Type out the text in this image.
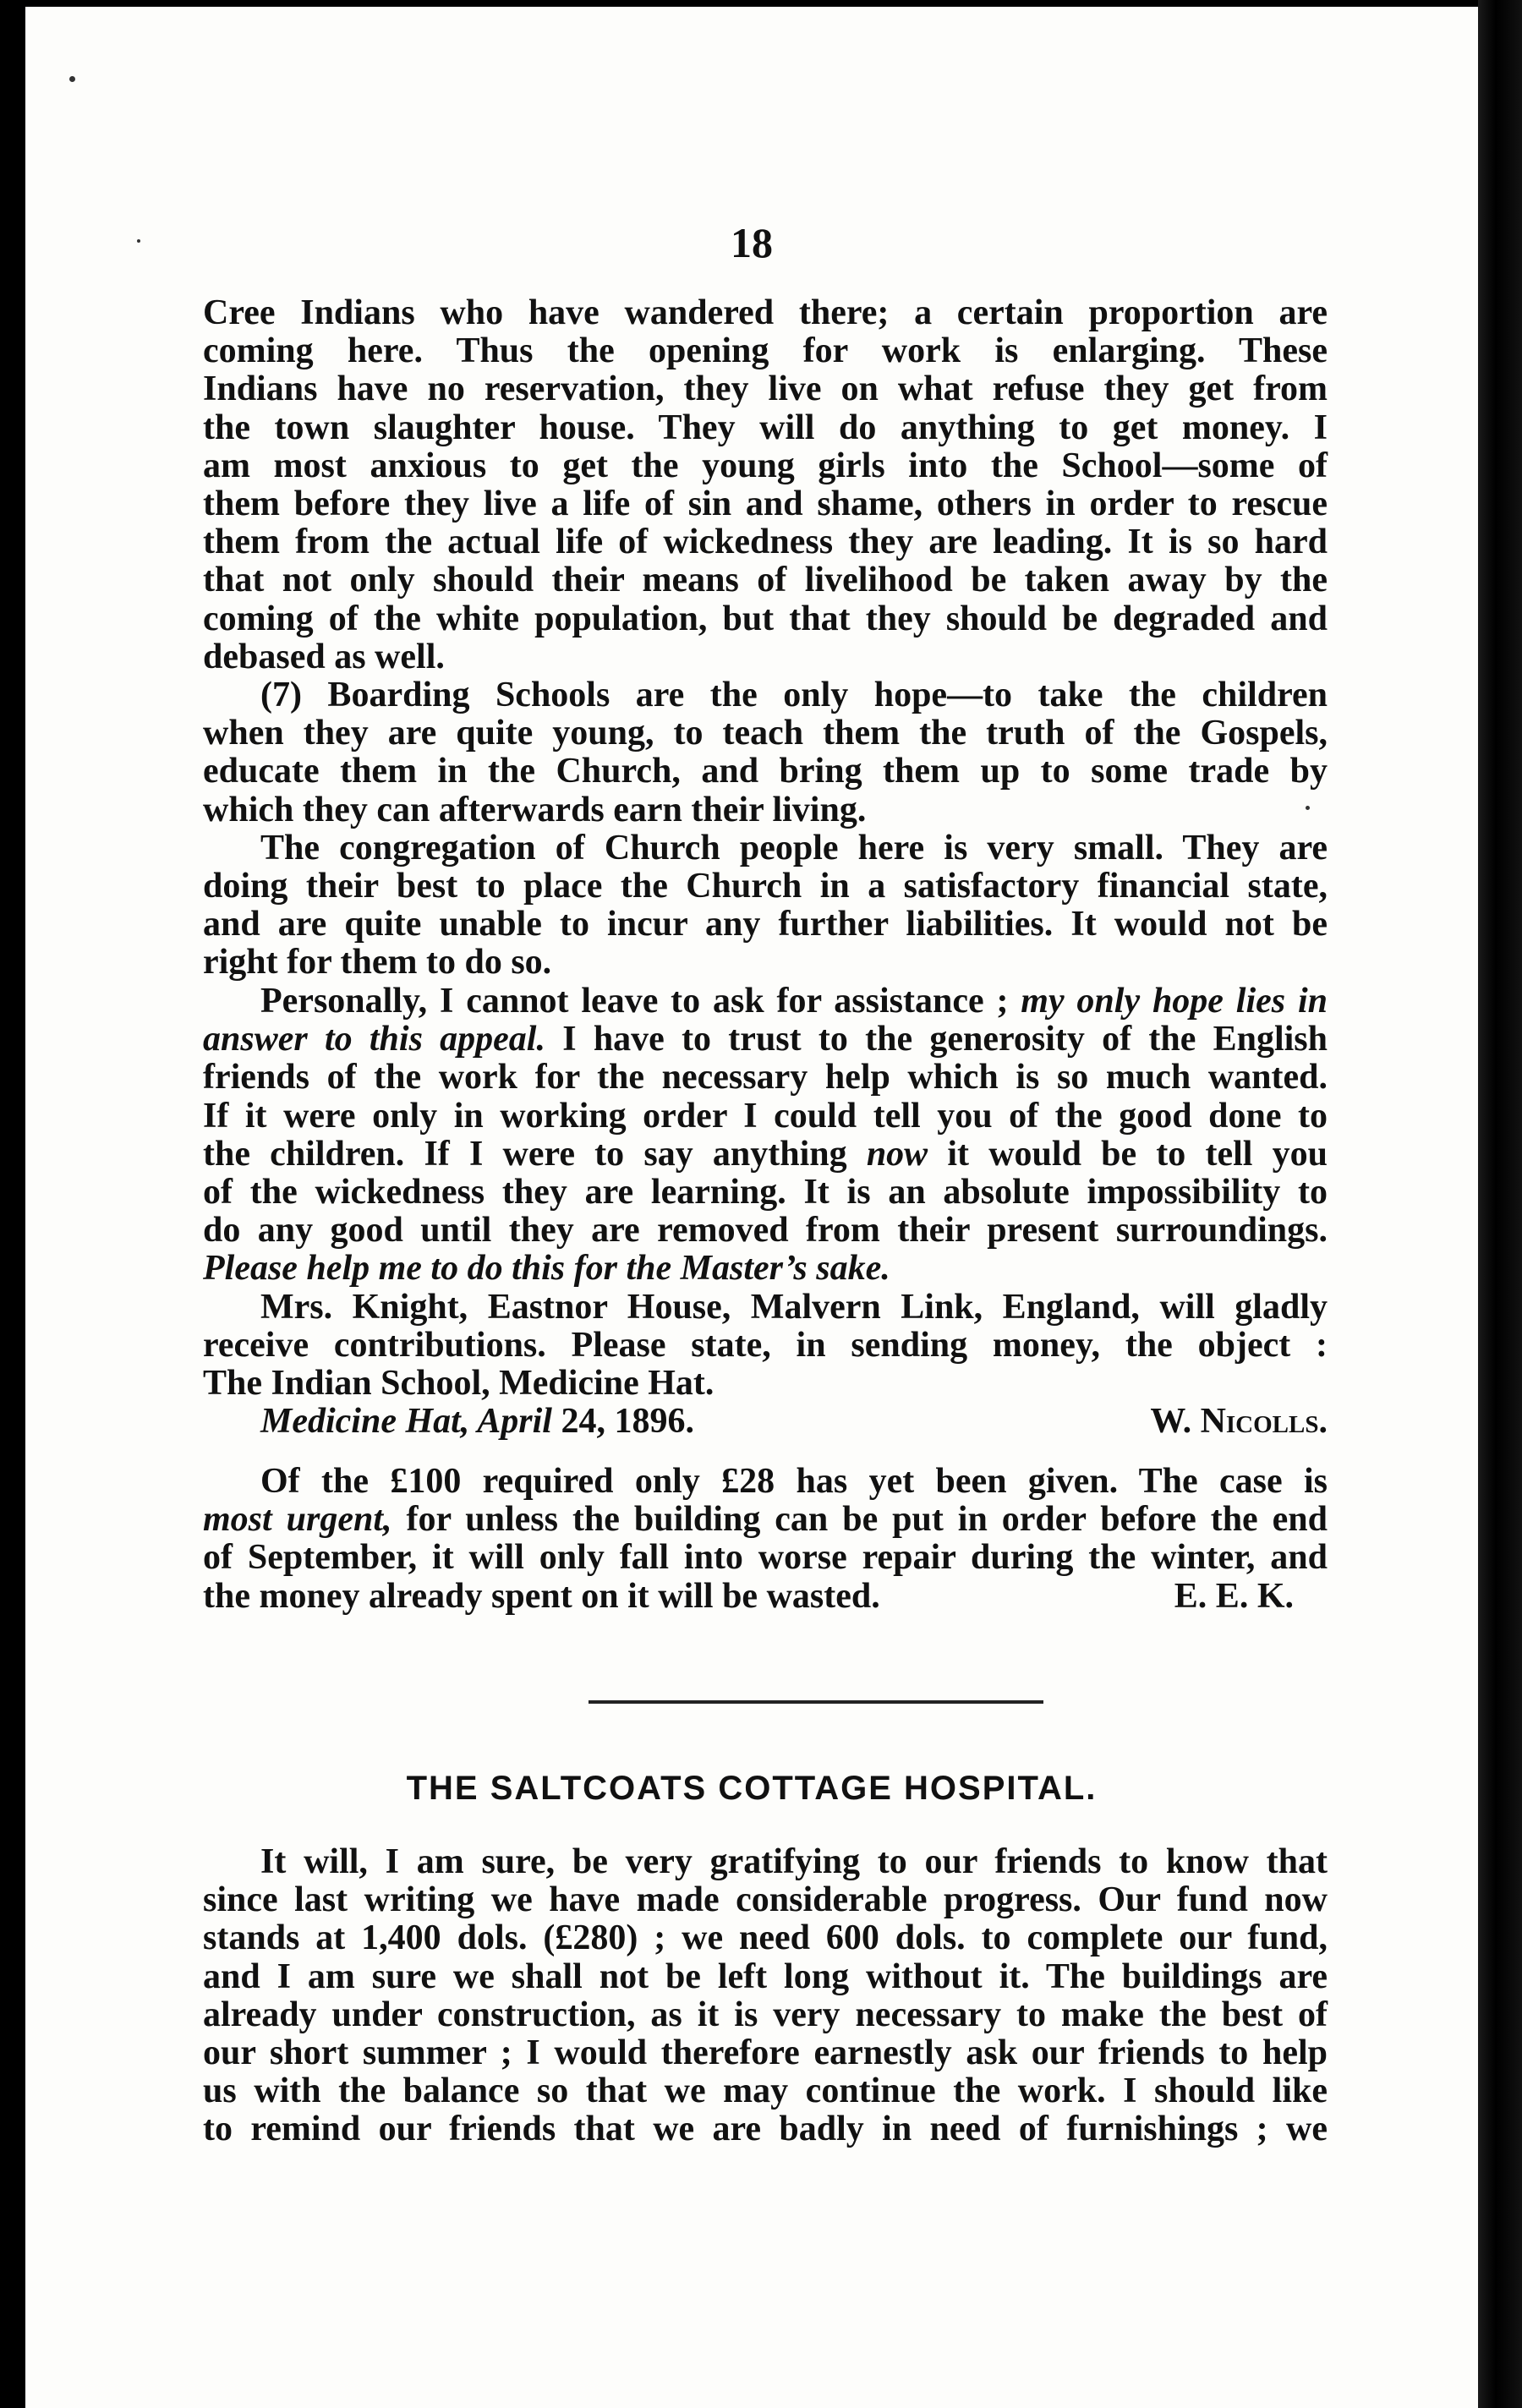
18
Cree Indians who have wandered there; a certain proportion are
coming here. Thus the opening for work is enlarging. These
Indians have no reservation, they live on what refuse they get from
the town slaughter house. They will do anything to get money. I
am most anxious to get the young girls into the School—some of
them before they live a life of sin and shame, others in order to rescue
them from the actual life of wickedness they are leading. It is so hard
that not only should their means of livelihood be taken away by the
coming of the white population, but that they should be degraded and
debased as well.
(7) Boarding Schools are the only hope—to take the children
when they are quite young, to teach them the truth of the Gospels,
educate them in the Church, and bring them up to some trade by
which they can afterwards earn their living.
The congregation of Church people here is very small. They are
doing their best to place the Church in a satisfactory financial state,
and are quite unable to incur any further liabilities. It would not be
right for them to do so.
Personally, I cannot leave to ask for assistance ; my only hope lies in
answer to this appeal. I have to trust to the generosity of the English
friends of the work for the necessary help which is so much wanted.
If it were only in working order I could tell you of the good done to
the children. If I were to say anything now it would be to tell you
of the wickedness they are learning. It is an absolute impossibility to
do any good until they are removed from their present surroundings.
Please help me to do this for the Master’s sake.
Mrs. Knight, Eastnor House, Malvern Link, England, will gladly
receive contributions. Please state, in sending money, the object :
The Indian School, Medicine Hat.
Medicine Hat, April 24, 1896.	W. Nicolls.
Of the £100 required only £28 has yet been given. The case is
most urgent, for unless the building can be put in order before the end
of September, it will only fall into worse repair during the winter, and
the money already spent on it will be wasted.	E. E. K.
THE SALTCOATS COTTAGE HOSPITAL.
It will, I am sure, be very gratifying to our friends to know that
since last writing we have made considerable progress. Our fund now
stands at 1,400 dols. (£280) ; we need 600 dols. to complete our fund,
and I am sure we shall not be left long without it. The buildings are
already under construction, as it is very necessary to make the best of
our short summer ; I would therefore earnestly ask our friends to help
us with the balance so that we may continue the work. I should like
to remind our friends that we are badly in need of furnishings ; we
